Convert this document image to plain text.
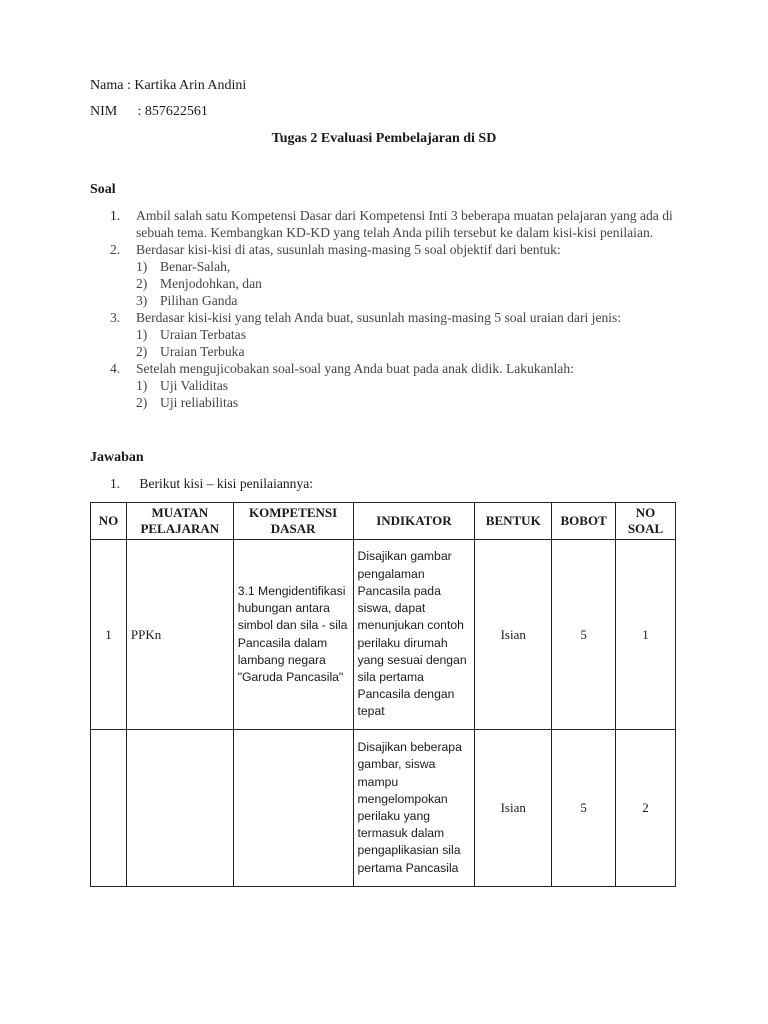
Nama : Kartika Arin Andini
NIM : 857622561
Tugas 2 Evaluasi Pembelajaran di SD
Soal
1. Ambil salah satu Kompetensi Dasar dari Kompetensi Inti 3 beberapa muatan pelajaran yang ada di sebuah tema. Kembangkan KD-KD yang telah Anda pilih tersebut ke dalam kisi-kisi penilaian.
2. Berdasar kisi-kisi di atas, susunlah masing-masing 5 soal objektif dari bentuk:
1) Benar-Salah,
2) Menjodohkan, dan
3) Pilihan Ganda
3. Berdasar kisi-kisi yang telah Anda buat, susunlah masing-masing 5 soal uraian dari jenis:
1) Uraian Terbatas
2) Uraian Terbuka
4. Setelah mengujicobakan soal-soal yang Anda buat pada anak didik. Lakukanlah:
1) Uji Validitas
2) Uji reliabilitas
Jawaban
1. Berikut kisi – kisi penilaiannya:
NO	MUATAN PELAJARAN	KOMPETENSI DASAR	INDIKATOR	BENTUK	BOBOT	NO SOAL
1	PPKn	3.1 Mengidentifikasi hubungan antara simbol dan sila - sila Pancasila dalam lambang negara "Garuda Pancasila"	Disajikan gambar pengalaman Pancasila pada siswa, dapat menunjukan contoh perilaku dirumah yang sesuai dengan sila pertama Pancasila dengan tepat	Isian	5	1
			Disajikan beberapa gambar, siswa mampu mengelompokan perilaku yang termasuk dalam pengaplikasian sila pertama Pancasila	Isian	5	2
